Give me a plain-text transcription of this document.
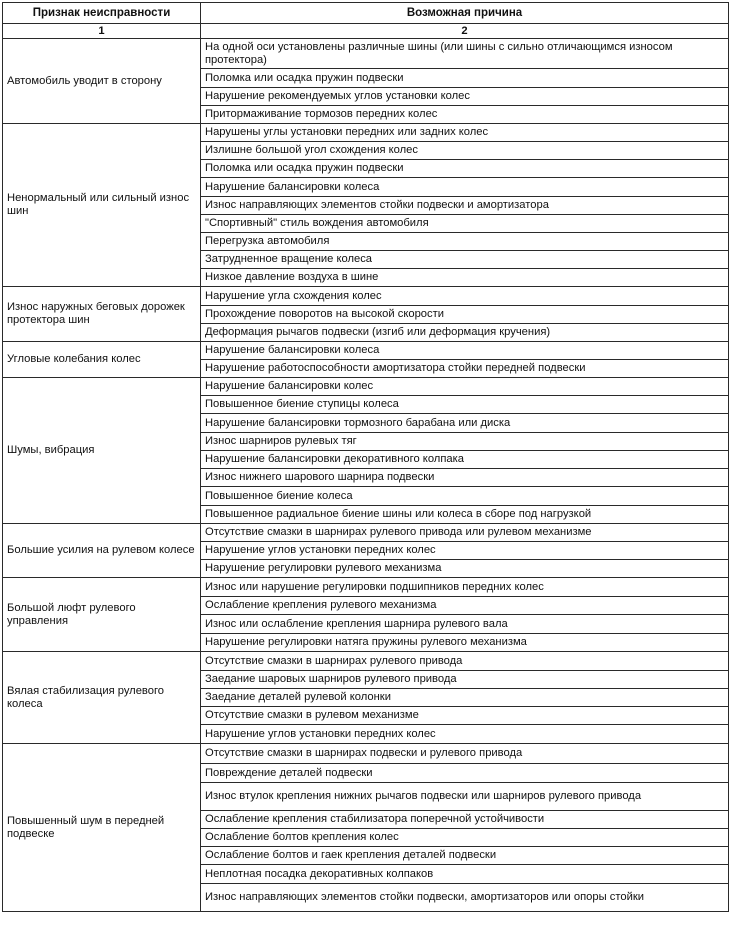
Признак неисправности	Возможная причина
1	2
Автомобиль уводит в сторону	На одной оси установлены различные шины (или шины с сильно отличающимся износом протектора)
	Поломка или осадка пружин подвески
	Нарушение рекомендуемых углов установки колес
	Притормаживание тормозов передних колес
Ненормальный или сильный износ шин	Нарушены углы установки передних или задних колес
	Излишне большой угол схождения колес
	Поломка или осадка пружин подвески
	Нарушение балансировки колеса
	Износ направляющих элементов стойки подвески и амортизатора
	"Спортивный" стиль вождения автомобиля
	Перегрузка автомобиля
	Затрудненное вращение колеса
	Низкое давление воздуха в шине
Износ наружных беговых дорожек протектора шин	Нарушение угла схождения колес
	Прохождение поворотов на высокой скорости
	Деформация рычагов подвески (изгиб или деформация кручения)
Угловые колебания колес	Нарушение балансировки колеса
	Нарушение работоспособности амортизатора стойки передней подвески
Шумы, вибрация	Нарушение балансировки колес
	Повышенное биение ступицы колеса
	Нарушение балансировки тормозного барабана или диска
	Износ шарниров рулевых тяг
	Нарушение балансировки декоративного колпака
	Износ нижнего шарового шарнира подвески
	Повышенное биение колеса
	Повышенное радиальное биение шины или колеса в сборе под нагрузкой
Большие усилия на рулевом колесе	Отсутствие смазки в шарнирах рулевого привода или рулевом механизме
	Нарушение углов установки передних колес
	Нарушение регулировки рулевого механизма
Большой люфт рулевого управления	Износ или нарушение регулировки подшипников передних колес
	Ослабление крепления рулевого механизма
	Износ или ослабление крепления шарнира рулевого вала
	Нарушение регулировки натяга пружины рулевого механизма
Вялая стабилизация рулевого колеса	Отсутствие смазки в шарнирах рулевого привода
	Заедание шаровых шарниров рулевого привода
	Заедание деталей рулевой колонки
	Отсутствие смазки в рулевом механизме
	Нарушение углов установки передних колес
Повышенный шум в передней подвеске	Отсутствие смазки в шарнирах подвески и рулевого привода
	Повреждение деталей подвески
	Износ втулок крепления нижних рычагов подвески или шарниров рулевого привода
	Ослабление крепления стабилизатора поперечной устойчивости
	Ослабление болтов крепления колес
	Ослабление болтов и гаек крепления деталей подвески
	Неплотная посадка декоративных колпаков
	Износ направляющих элементов стойки подвески, амортизаторов или опоры стойки
